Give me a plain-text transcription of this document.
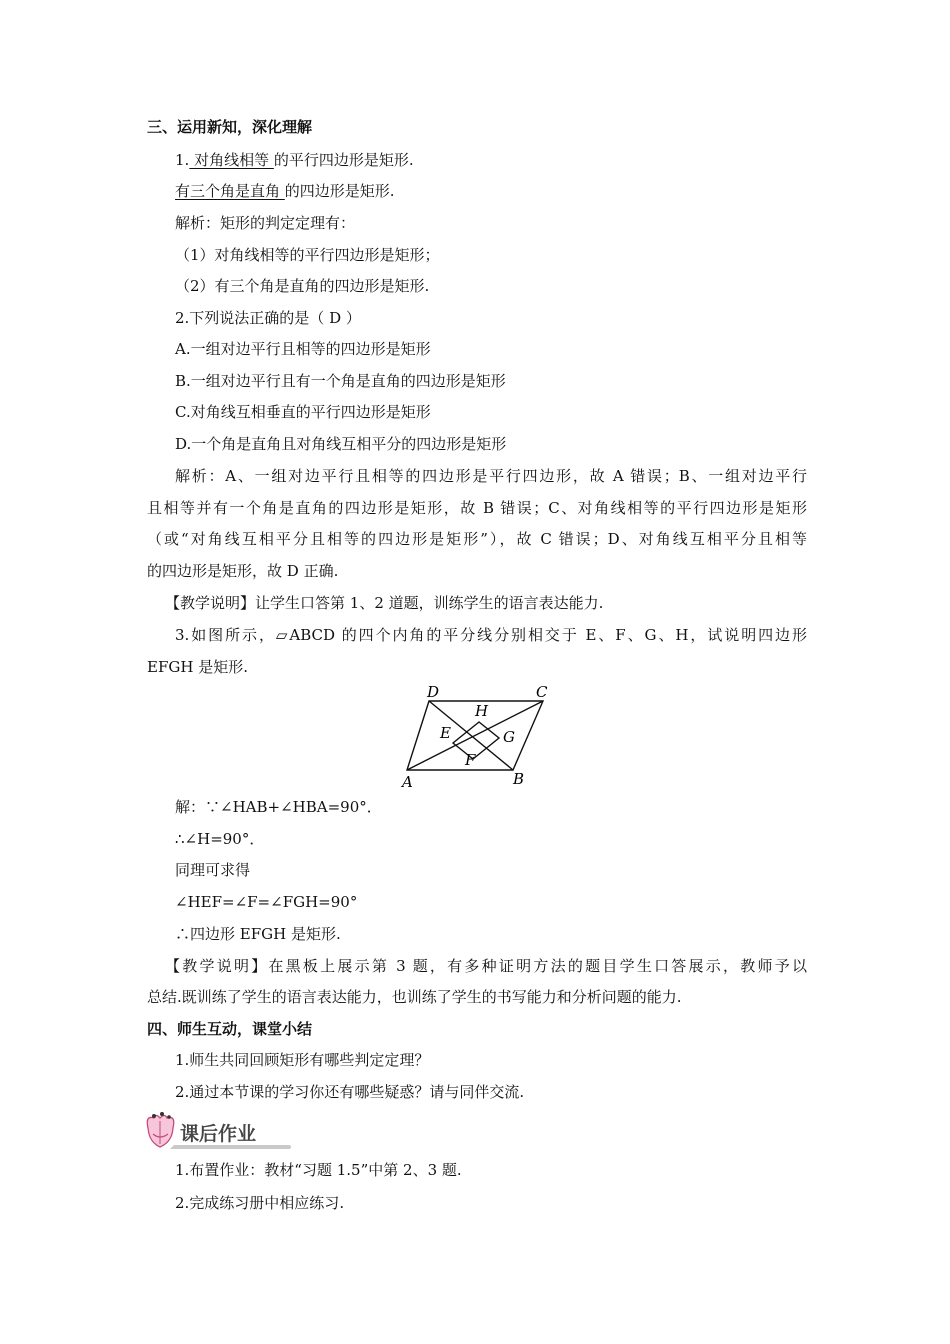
三、运用新知，深化理解
1. 对角线相等 的平行四边形是矩形.
有三个角是直角 的四边形是矩形.
解析：矩形的判定定理有：
（1）对角线相等的平行四边形是矩形；
（2）有三个角是直角的四边形是矩形.
2.下列说法正确的是（ D ）
A.一组对边平行且相等的四边形是矩形
B.一组对边平行且有一个角是直角的四边形是矩形
C.对角线互相垂直的平行四边形是矩形
D.一个角是直角且对角线互相平分的四边形是矩形
解析：A、一组对边平行且相等的四边形是平行四边形，故 A 错误；B、一组对边平行
且相等并有一个角是直角的四边形是矩形，故 B 错误；C、对角线相等的平行四边形是矩形
（或“对角线互相平分且相等的四边形是矩形”），故 C 错误；D、对角线互相平分且相等
的四边形是矩形，故 D 正确.
【教学说明】让学生口答第 1、2 道题，训练学生的语言表达能力.
3.如图所示，▱ABCD 的四个内角的平分线分别相交于 E、F、G、H，试说明四边形
EFGH 是矩形.
D	C
H
E	G
F
A	B
解：∵∠HAB+∠HBA=90°．
∴∠H=90°．
同理可求得
∠HEF=∠F=∠FGH=90°
∴四边形 EFGH 是矩形.
【教学说明】在黑板上展示第 3 题，有多种证明方法的题目学生口答展示，教师予以
总结.既训练了学生的语言表达能力，也训练了学生的书写能力和分析问题的能力.
四、师生互动，课堂小结
1.师生共同回顾矩形有哪些判定定理？
2.通过本节课的学习你还有哪些疑惑？请与同伴交流.
课后作业
1.布置作业：教材“习题 1.5”中第 2、3 题.
2.完成练习册中相应练习.
